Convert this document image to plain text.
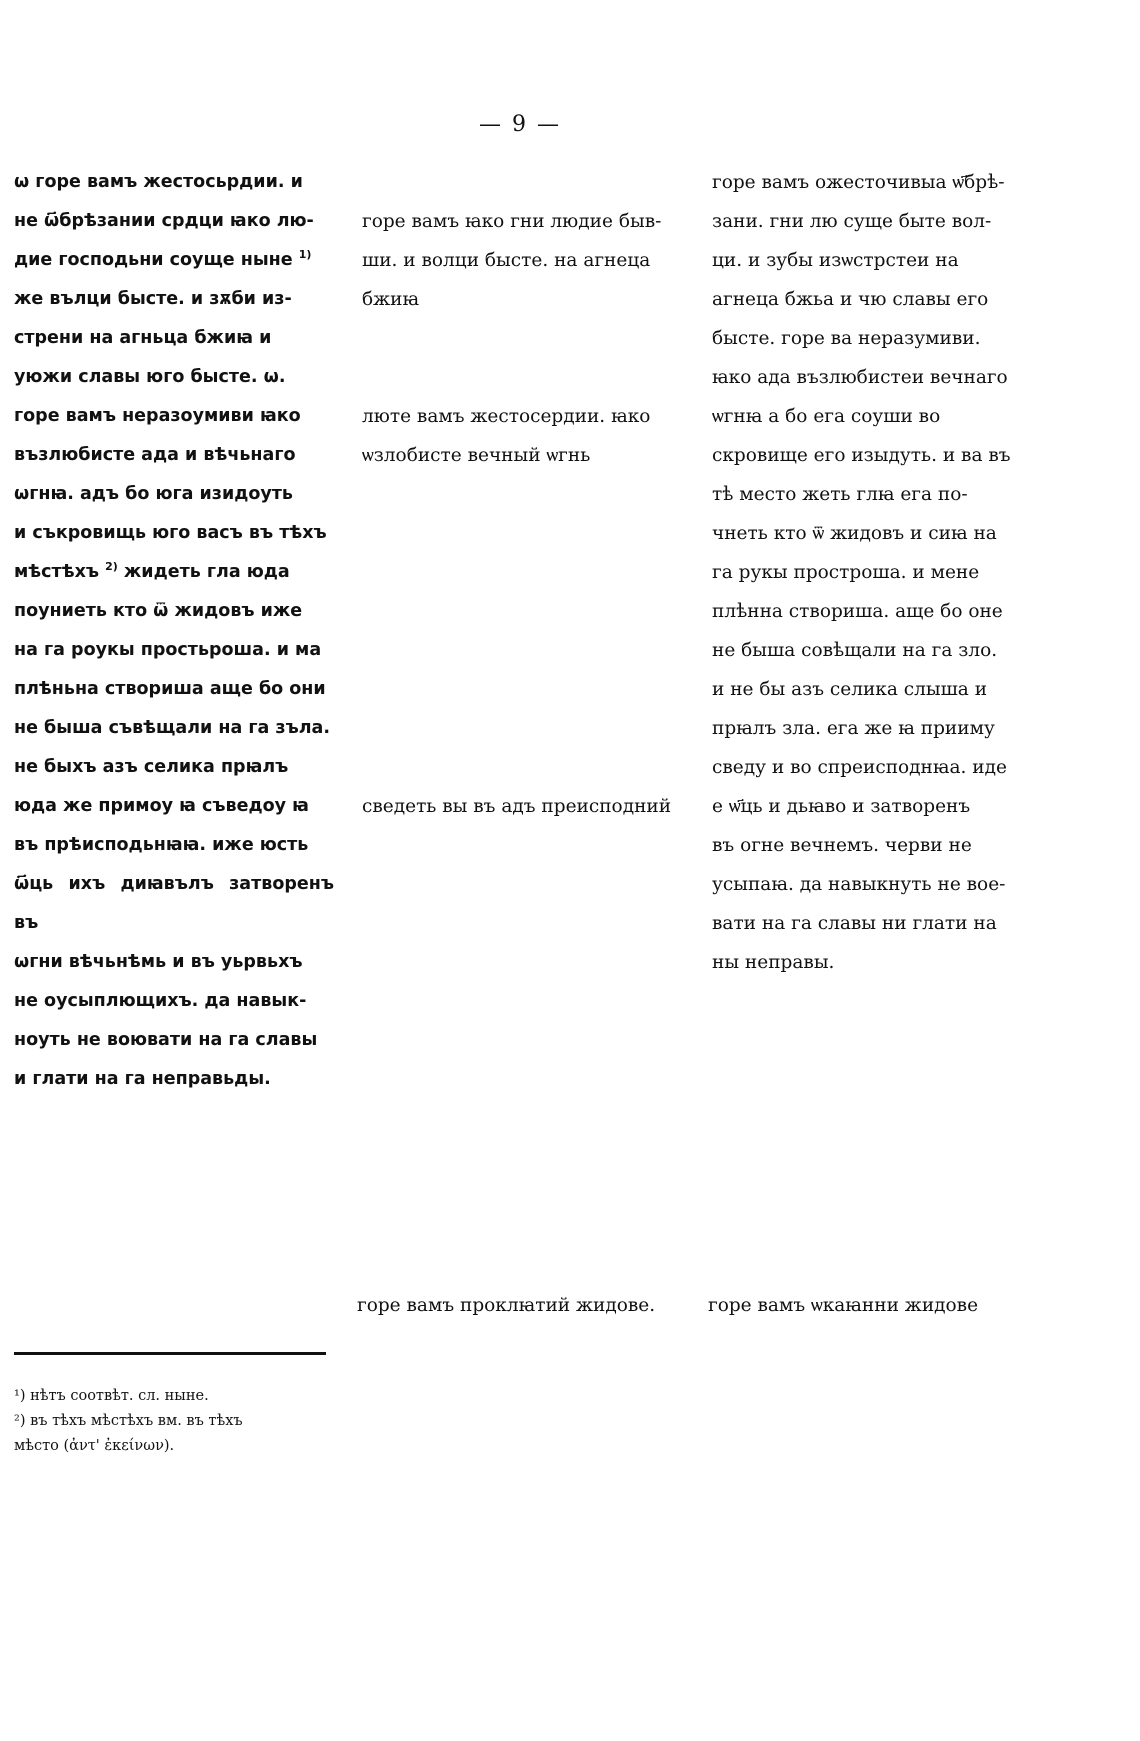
— 9 —

ѡ горе вамъ жестосьрдии. и

не ѡ҃брѣзании срдци ꙗко лю-

дие господьни соуще ныне $^{1)}$

же вълци бысте. и зѫби из-

стрени на агньца бжиꙗ и

уюжи славы юго бысте. ѡ.

горе вамъ неразоумиви ꙗко

възлюбисте ада и вѣчьнаго

ѡгнꙗ. адъ бо юга изидоуть

и съкровищь юго васъ въ тѣхъ

мѣстѣхъ $^{2)}$ жидеть гла юда

поуниеть кто ѿ жидовъ иже

на га роукы простьроша. и ма

плѣньна створиша аще бо они

не быша съвѣщали на га зъла.

не быхъ азъ селика прꙗлъ

юда же примоу ꙗ съведоу ꙗ

въ прѣисподьнꙗꙗ. иже юсть

ѡ҃ць ихъ диꙗвълъ затворенъ въ

ѡгни вѣчьнѣмь и въ уьрвьхъ

не оусыплющихъ. да навык-

ноуть не воювати на га славы

и глати на га неправьды.

горе вамъ ꙗко гни людие быв-

ши. и волци бысте. на агнеца

бжиꙗ

люте вамъ жестосердии. ꙗко

ѡзлобисте вечный ѡгнь

сведеть вы въ адъ преисподний

горе вамъ ожесточивыа ѡ҃брѣ-

зани. гни лю суще быте вол-

ци. и зубы изѡстрстеи на

агнеца бжьа и чю славы его

бысте. горе ва неразумиви.

ꙗко ада възлюбистеи вечнаго

ѡгнꙗ а бо ега соуши во

скровище его изыдуть. и ва въ

тѣ место жеть глꙗ ега по-

чнеть кто ѿ жидовъ и сиꙗ на

га рукы простроша. и мене

плѣнна створиша. аще бо оне

не быша совѣщали на га зло.

и не бы азъ селика слыша и

прꙗлъ зла. ега же ꙗ прииму

сведу и во спреисподнꙗа. иде

е ѡ҃ць и дьꙗво и затворенъ

въ огне вечнемъ. черви не

усыпаꙗ. да навыкнуть не вое-

вати на га славы ни глати на

ны неправы.

горе вамъ проклꙗтий жидове.	горе вамъ ѡкаꙗнни жидове

¹) нѣтъ соотвѣт. сл. ныне.

²) въ тѣхъ мѣстѣхъ вм. въ тѣхъ

мѣсто (ἀντ' ἐκείνων).
